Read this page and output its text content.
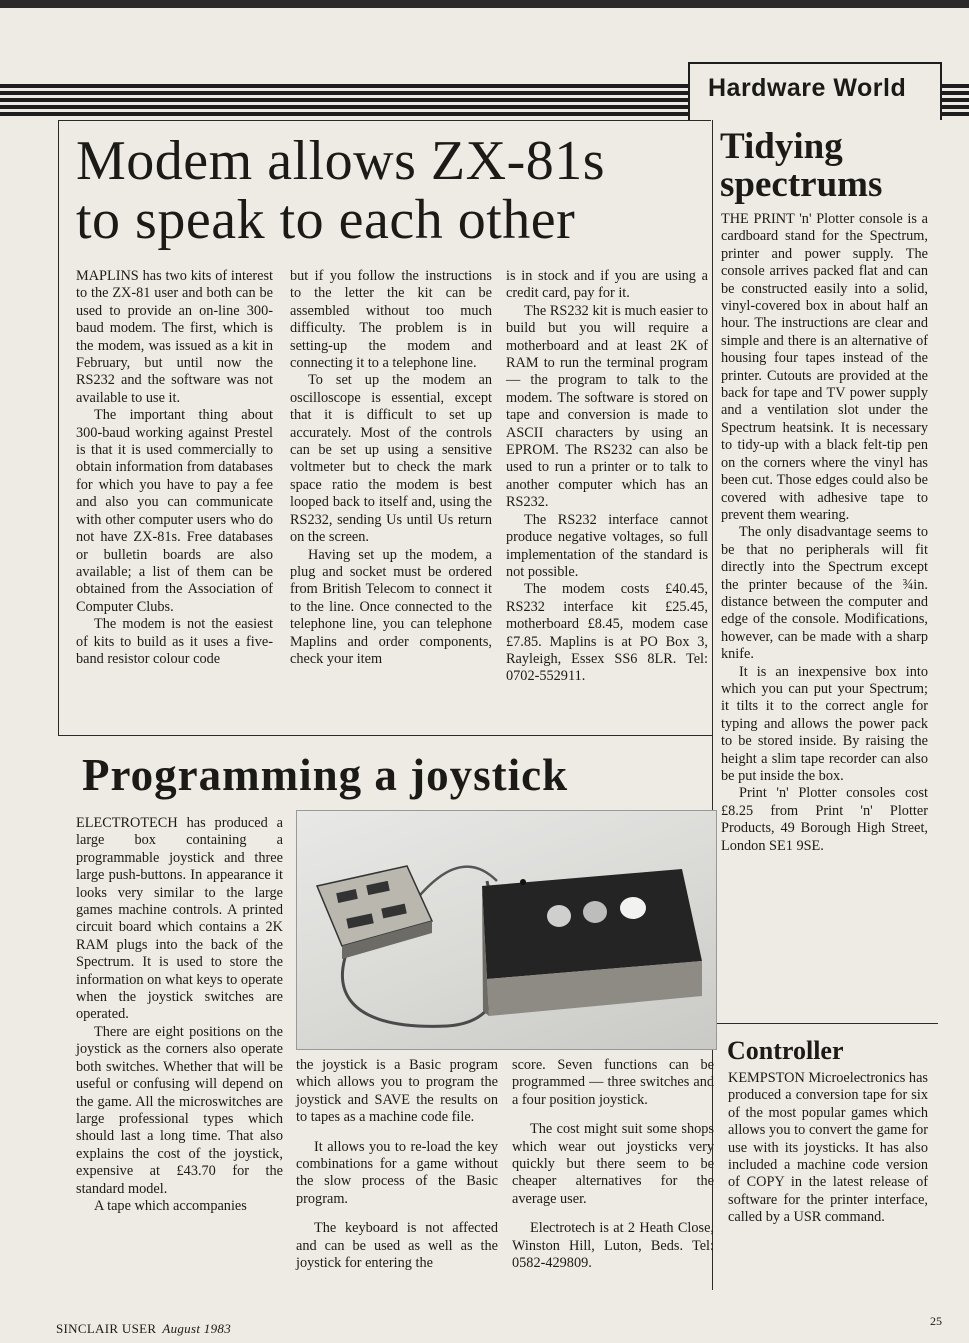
Hardware World
Modem allows ZX-81s
to speak to each other

MAPLINS has two kits of interest to the ZX-81 user and both can be used to provide an on-line 300-baud modem. The first, which is the modem, was issued as a kit in February, but until now the RS232 and the software was not available to use it.

The important thing about 300-baud working against Prestel is that it is used commercially to obtain information from databases for which you have to pay a fee and also you can communicate with other computer users who do not have ZX-81s. Free databases or bulletin boards are also available; a list of them can be obtained from the Association of Computer Clubs.

The modem is not the easiest of kits to build as it uses a five-band resistor colour code

but if you follow the instructions to the letter the kit can be assembled without too much difficulty. The problem is in setting-up the modem and connecting it to a telephone line.

To set up the modem an oscilloscope is essential, except that it is difficult to set up accurately. Most of the controls can be set up using a sensitive voltmeter but to check the mark space ratio the modem is best looped back to itself and, using the RS232, sending Us until Us return on the screen.

Having set up the modem, a plug and socket must be ordered from British Telecom to connect it to the line. Once connected to the telephone line, you can telephone Maplins and order components, check your item

is in stock and if you are using a credit card, pay for it.

The RS232 kit is much easier to build but you will require a motherboard and at least 2K of RAM to run the terminal program — the program to talk to the modem. The software is stored on tape and conversion is made to ASCII characters by using an EPROM. The RS232 can also be used to run a printer or to talk to another computer which has an RS232.

The RS232 interface cannot produce negative voltages, so full implementation of the standard is not possible.

The modem costs £40.45, RS232 interface kit £25.45, motherboard £8.45, modem case £7.85. Maplins is at PO Box 3, Rayleigh, Essex SS6 8LR. Tel: 0702-552911.

Programming a joystick

ELECTROTECH has produced a large box containing a programmable joystick and three large push-buttons. In appearance it looks very similar to the large games machine controls. A printed circuit board which contains a 2K RAM plugs into the back of the Spectrum. It is used to store the information on what keys to operate when the joystick switches are operated.

There are eight positions on the joystick as the corners also operate both switches. Whether that will be useful or confusing will depend on the game. All the microswitches are large professional types which should last a long time. That also explains the cost of the joystick, expensive at £43.70 for the standard model.

A tape which accompanies

the joystick is a Basic program which allows you to program the joystick and SAVE the results on to tapes as a machine code file.

It allows you to re-load the key combinations for a game without the slow process of the Basic program.

The keyboard is not affected and can be used as well as the joystick for entering the

score. Seven functions can be programmed — three switches and a four position joystick.

The cost might suit some shops which wear out joysticks very quickly but there seem to be cheaper alternatives for the average user.

Electrotech is at 2 Heath Close, Winston Hill, Luton, Beds. Tel: 0582-429809.

Tidying
spectrums

THE PRINT 'n' Plotter console is a cardboard stand for the Spectrum, printer and power supply. The console arrives packed flat and can be constructed easily into a solid, vinyl-covered box in about half an hour. The instructions are clear and simple and there is an alternative of housing four tapes instead of the printer. Cutouts are provided at the back for tape and TV power supply and a ventilation slot under the Spectrum heatsink. It is necessary to tidy-up with a black felt-tip pen on the corners where the vinyl has been cut. Those edges could also be covered with adhesive tape to prevent them wearing.

The only disadvantage seems to be that no peripherals will fit directly into the Spectrum except the printer because of the ¾in. distance between the computer and edge of the console. Modifications, however, can be made with a sharp knife.

It is an inexpensive box into which you can put your Spectrum; it tilts it to the correct angle for typing and allows the power pack to be stored inside. By raising the height a slim tape recorder can also be put inside the box.

Print 'n' Plotter consoles cost £8.25 from Print 'n' Plotter Products, 49 Borough High Street, London SE1 9SE.

Controller

KEMPSTON Microelectronics has produced a conversion tape for six of the most popular games which allows you to convert the game for use with its joysticks. It has also included a machine code version of COPY in the latest release of software for the printer interface, called by a USR command.

SINCLAIR USER August 1983	25
